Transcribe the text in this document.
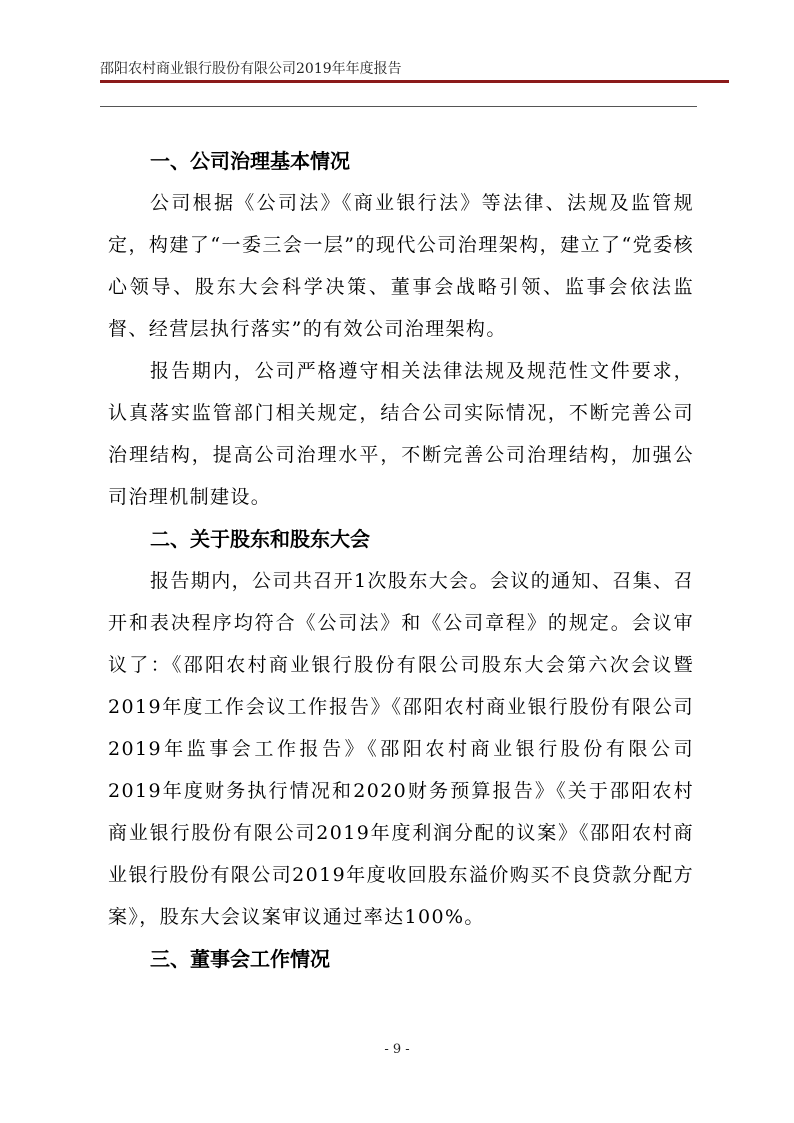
邵阳农村商业银行股份有限公司2019年年度报告
一、公司治理基本情况

公司根据《公司法》《商业银行法》等法律、法规及监管规定，构建了“一委三会一层”的现代公司治理架构，建立了“党委核心领导、股东大会科学决策、董事会战略引领、监事会依法监督、经营层执行落实”的有效公司治理架构。

报告期内，公司严格遵守相关法律法规及规范性文件要求，认真落实监管部门相关规定，结合公司实际情况，不断完善公司治理结构，提高公司治理水平，不断完善公司治理结构，加强公司治理机制建设。

二、关于股东和股东大会

报告期内，公司共召开1次股东大会。会议的通知、召集、召开和表决程序均符合《公司法》和《公司章程》的规定。会议审议了：《邵阳农村商业银行股份有限公司股东大会第六次会议暨2019年度工作会议工作报告》《邵阳农村商业银行股份有限公司2019年监事会工作报告》《邵阳农村商业银行股份有限公司2019年度财务执行情况和2020财务预算报告》《关于邵阳农村商业银行股份有限公司2019年度利润分配的议案》《邵阳农村商业银行股份有限公司2019年度收回股东溢价购买不良贷款分配方案》，股东大会议案审议通过率达100%。

三、董事会工作情况
- 9 -
